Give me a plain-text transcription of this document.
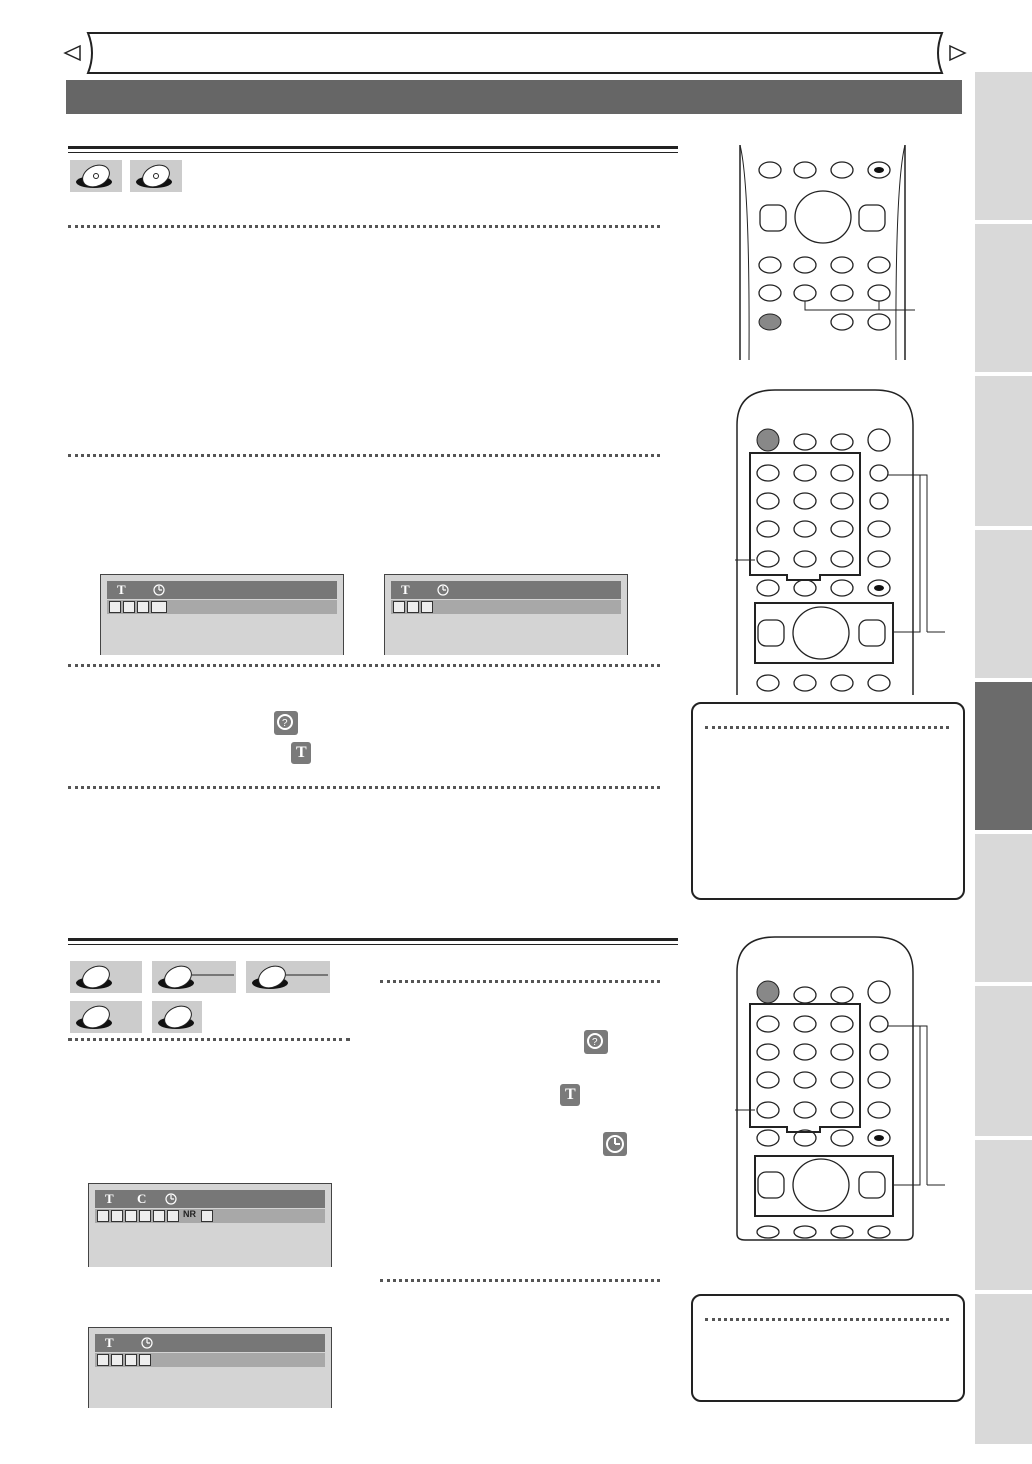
T	T
?
T
?
T
T C
NR
T
